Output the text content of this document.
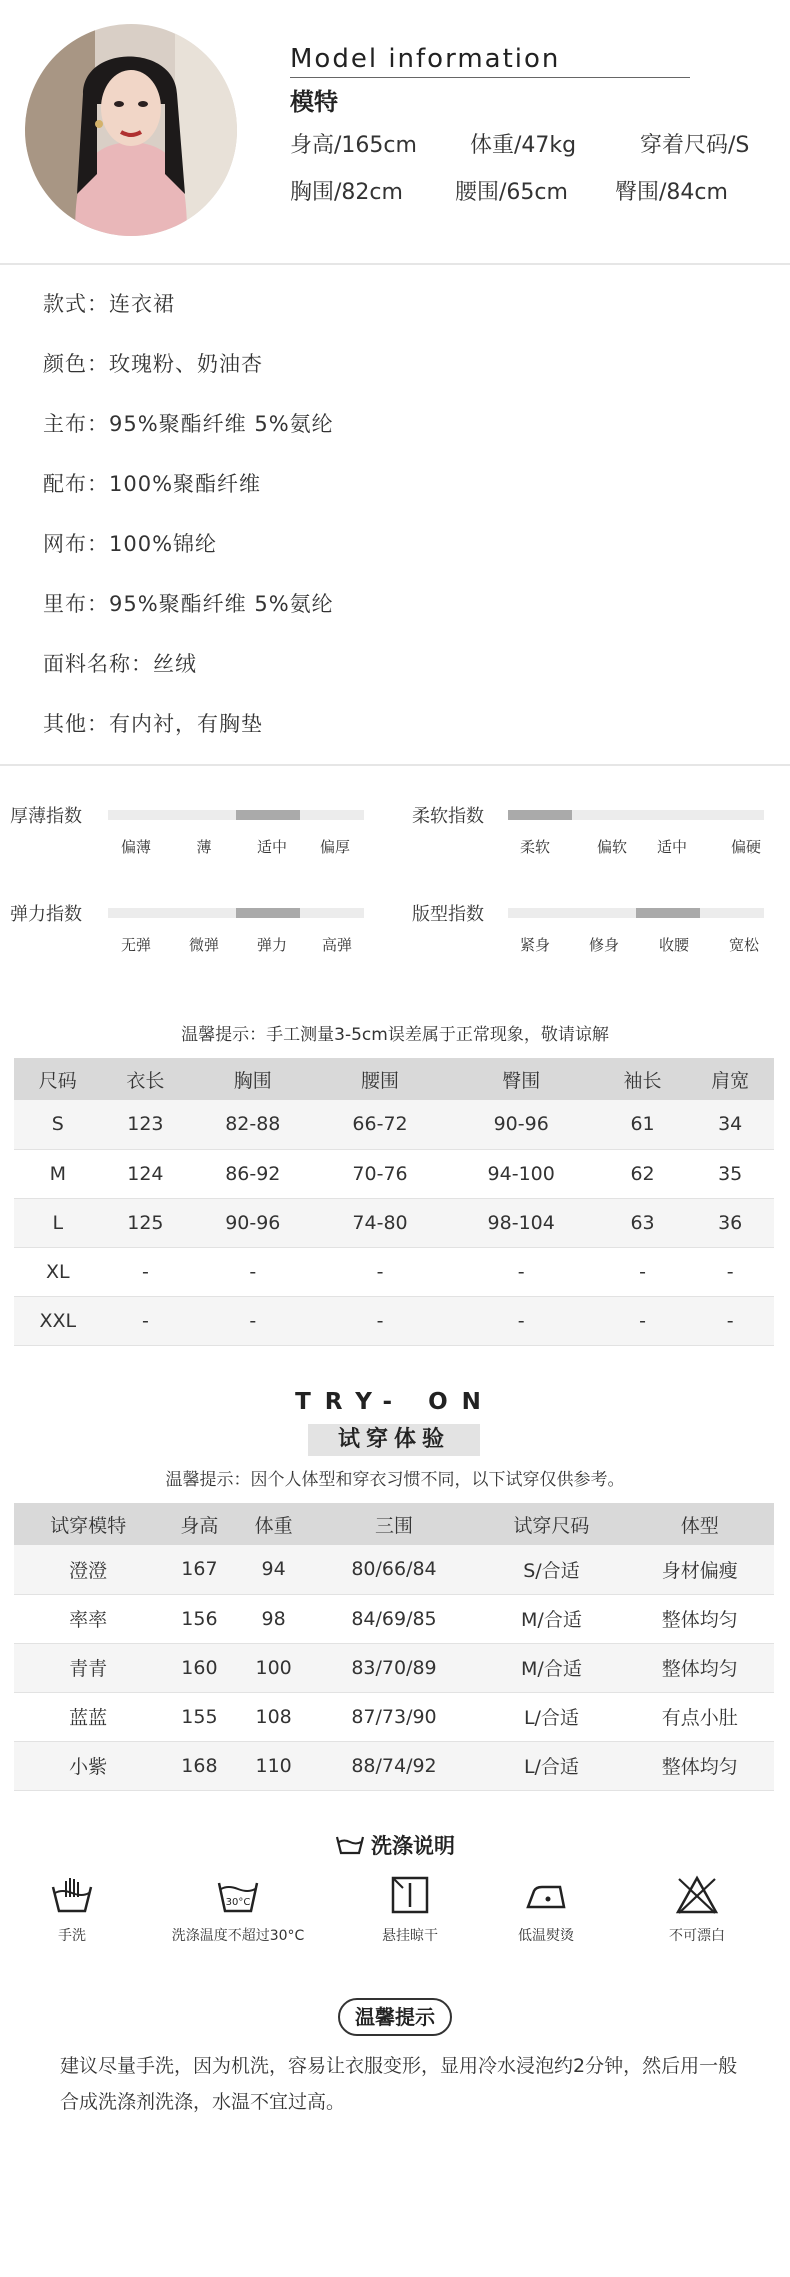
Model information
模特
身高/165cm 体重/47kg	穿着尺码/S
胸围/82cm 腰围/65cm 臀围/84cm
款式：连衣裙
颜色：玫瑰粉、奶油杏
主布：95%聚酯纤维 5%氨纶
配布：100%聚酯纤维
网布：100%锦纶
里布：95%聚酯纤维 5%氨纶
面料名称：丝绒
其他：有内衬，有胸垫
厚薄指数
偏薄	薄	适中	偏厚
柔软指数
柔软	偏软	适中	偏硬
弹力指数
无弹	微弹	弹力	高弹
版型指数
紧身	修身	收腰	宽松
温馨提示：手工测量3-5cm误差属于正常现象，敬请谅解
尺码	衣长	胸围	腰围	臀围	袖长	肩宽
S	123	82-88	66-72	90-96	61	34
M	124	86-92	70-76	94-100	62	35
L	125	90-96	74-80	98-104	63	36
XL	-	-	-	-	-	-
XXL	-	-	-	-	-	-
TRY- ON
试穿体验
温馨提示：因个人体型和穿衣习惯不同，以下试穿仅供参考。
试穿模特	身高	体重	三围	试穿尺码	体型
澄澄	167	94	80/66/84	S/合适	身材偏瘦
率率	156	98	84/69/85	M/合适	整体均匀
青青	160	100	83/70/89	M/合适	整体均匀
蓝蓝	155	108	87/73/90	L/合适	有点小肚
小紫	168	110	88/74/92	L/合适	整体均匀
洗涤说明
手洗
30°C
洗涤温度不超过30°C	悬挂晾干	低温熨烫	不可漂白
温馨提示
建议尽量手洗，因为机洗，容易让衣服变形，显用冷水浸泡约2分钟，然后用一般合成洗涤剂洗涤，水温不宜过高。
